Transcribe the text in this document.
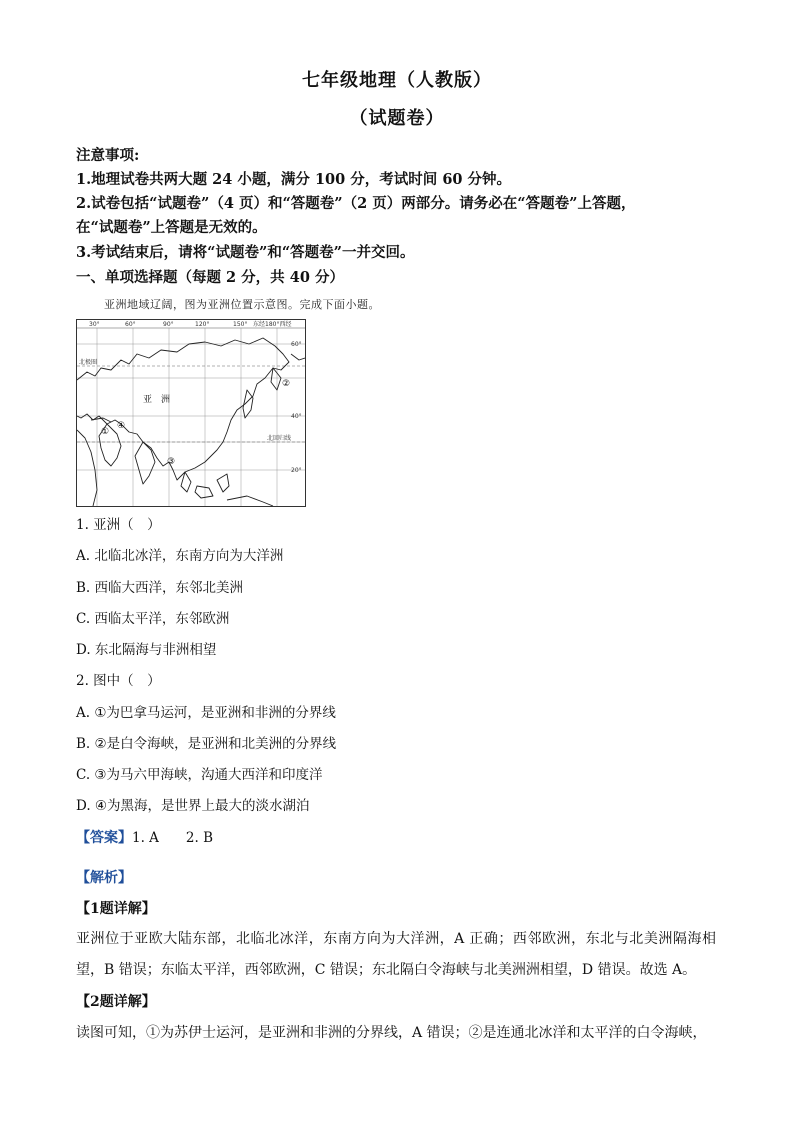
七年级地理（人教版）
（试题卷）
注意事项:
1.地理试卷共两大题 24 小题，满分 100 分，考试时间 60 分钟。
2.试卷包括“试题卷”（4 页）和“答题卷”（2 页）两部分。请务必在“答题卷”上答题，
在“试题卷”上答题是无效的。
3.考试结束后，请将“试题卷”和“答题卷”一并交回。
一、单项选择题（每题 2 分，共 40 分）
亚洲地域辽阔，图为亚洲位置示意图。完成下面小题。
30°	60°	90°	120°	150° 东经180°西经
60°
40°
20°
北极圈
北回归线
亚　洲
①
②
③
④
1. 亚洲（　）
A. 北临北冰洋，东南方向为大洋洲
B. 西临大西洋，东邻北美洲
C. 西临太平洋，东邻欧洲
D. 东北隔海与非洲相望
2. 图中（　）
A. ①为巴拿马运河，是亚洲和非洲的分界线
B. ②是白令海峡，是亚洲和北美洲的分界线
C. ③为马六甲海峡，沟通大西洋和印度洋
D. ④为黑海，是世界上最大的淡水湖泊
【答案】1. A　　2. B
【解析】
【1题详解】
亚洲位于亚欧大陆东部，北临北冰洋，东南方向为大洋洲，A 正确；西邻欧洲，东北与北美洲隔海相望，B 错误；东临太平洋，西邻欧洲，C 错误；东北隔白令海峡与北美洲洲相望，D 错误。故选 A。
【2题详解】
读图可知，①为苏伊士运河，是亚洲和非洲的分界线，A 错误；②是连通北冰洋和太平洋的白令海峡，
